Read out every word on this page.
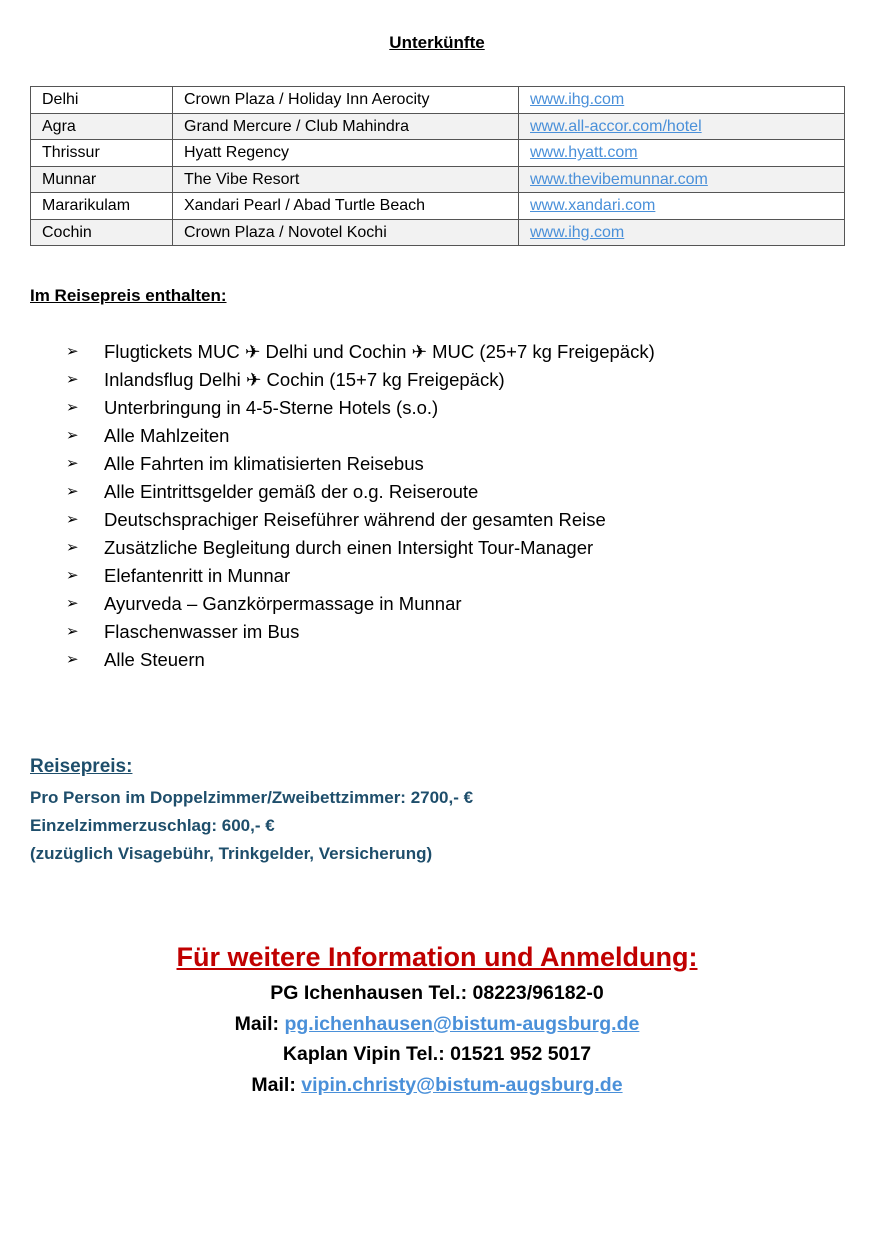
Unterkünfte
Delhi	Crown Plaza / Holiday Inn Aerocity	www.ihg.com
Agra	Grand Mercure / Club Mahindra	www.all-accor.com/hotel
Thrissur	Hyatt Regency	www.hyatt.com
Munnar	The Vibe Resort	www.thevibemunnar.com
Mararikulam	Xandari Pearl / Abad Turtle Beach	www.xandari.com
Cochin	Crown Plaza / Novotel Kochi	www.ihg.com
Im Reisepreis enthalten:
➢	Flugtickets MUC ✈ Delhi und Cochin ✈ MUC (25+7 kg Freigepäck)
➢	Inlandsflug Delhi ✈ Cochin (15+7 kg Freigepäck)
➢	Unterbringung in 4-5-Sterne Hotels (s.o.)
➢	Alle Mahlzeiten
➢	Alle Fahrten im klimatisierten Reisebus
➢	Alle Eintrittsgelder gemäß der o.g. Reiseroute
➢	Deutschsprachiger Reiseführer während der gesamten Reise
➢	Zusätzliche Begleitung durch einen Intersight Tour-Manager
➢	Elefantenritt in Munnar
➢	Ayurveda – Ganzkörpermassage in Munnar
➢	Flaschenwasser im Bus
➢	Alle Steuern
Reisepreis:
Pro Person im Doppelzimmer/Zweibettzimmer: 2700,- €
Einzelzimmerzuschlag: 600,- €
(zuzüglich Visagebühr, Trinkgelder, Versicherung)
Für weitere Information und Anmeldung:
PG Ichenhausen Tel.: 08223/96182-0
Mail: pg.ichenhausen@bistum-augsburg.de
Kaplan Vipin Tel.: 01521 952 5017
Mail: vipin.christy@bistum-augsburg.de
